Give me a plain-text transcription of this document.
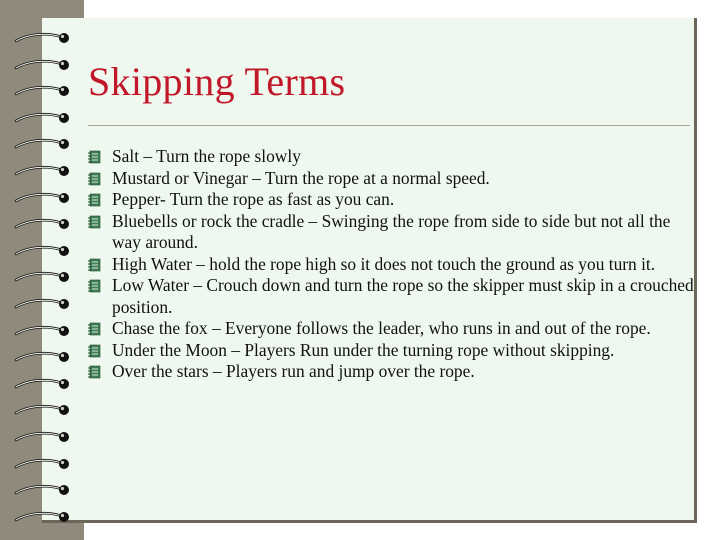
Skipping Terms
Salt – Turn the rope slowly
Mustard or Vinegar – Turn the rope at a normal speed.
Pepper- Turn the rope as fast as you can.
Bluebells or rock the cradle – Swinging the rope from side to side but not all the way around.
High Water – hold the rope high so it does not touch the ground as you turn it.
Low Water – Crouch down and turn the rope so the skipper must skip in a crouched position.
Chase the fox – Everyone follows the leader, who runs in and out of the rope.
Under the Moon – Players Run under the turning rope without skipping.
Over the stars – Players run and jump over the rope.
